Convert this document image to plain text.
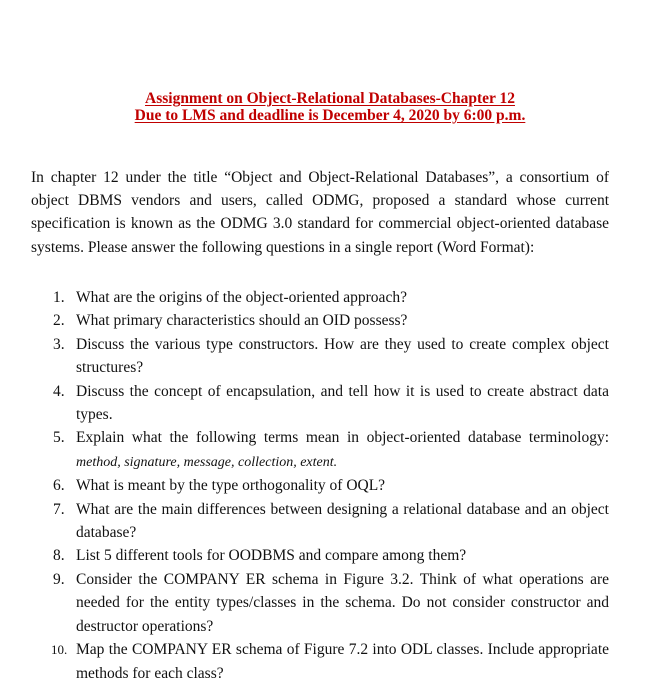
Assignment on Object-Relational Databases-Chapter 12
Due to LMS and deadline is December 4, 2020 by 6:00 p.m.

In chapter 12 under the title “Object and Object-Relational Databases”, a consortium of object DBMS vendors and users, called ODMG, proposed a standard whose current specification is known as the ODMG 3.0 standard for commercial object-oriented database systems. Please answer the following questions in a single report (Word Format):

1. What are the origins of the object-oriented approach?
2. What primary characteristics should an OID possess?
3. Discuss the various type constructors. How are they used to create complex object structures?
4. Discuss the concept of encapsulation, and tell how it is used to create abstract data types.
5. Explain what the following terms mean in object-oriented database terminology: method, signature, message, collection, extent.
6. What is meant by the type orthogonality of OQL?
7. What are the main differences between designing a relational database and an object database?
8. List 5 different tools for OODBMS and compare among them?
9. Consider the COMPANY ER schema in Figure 3.2. Think of what operations are needed for the entity types/classes in the schema. Do not consider constructor and destructor operations?
10. Map the COMPANY ER schema of Figure 7.2 into ODL classes. Include appropriate methods for each class?
